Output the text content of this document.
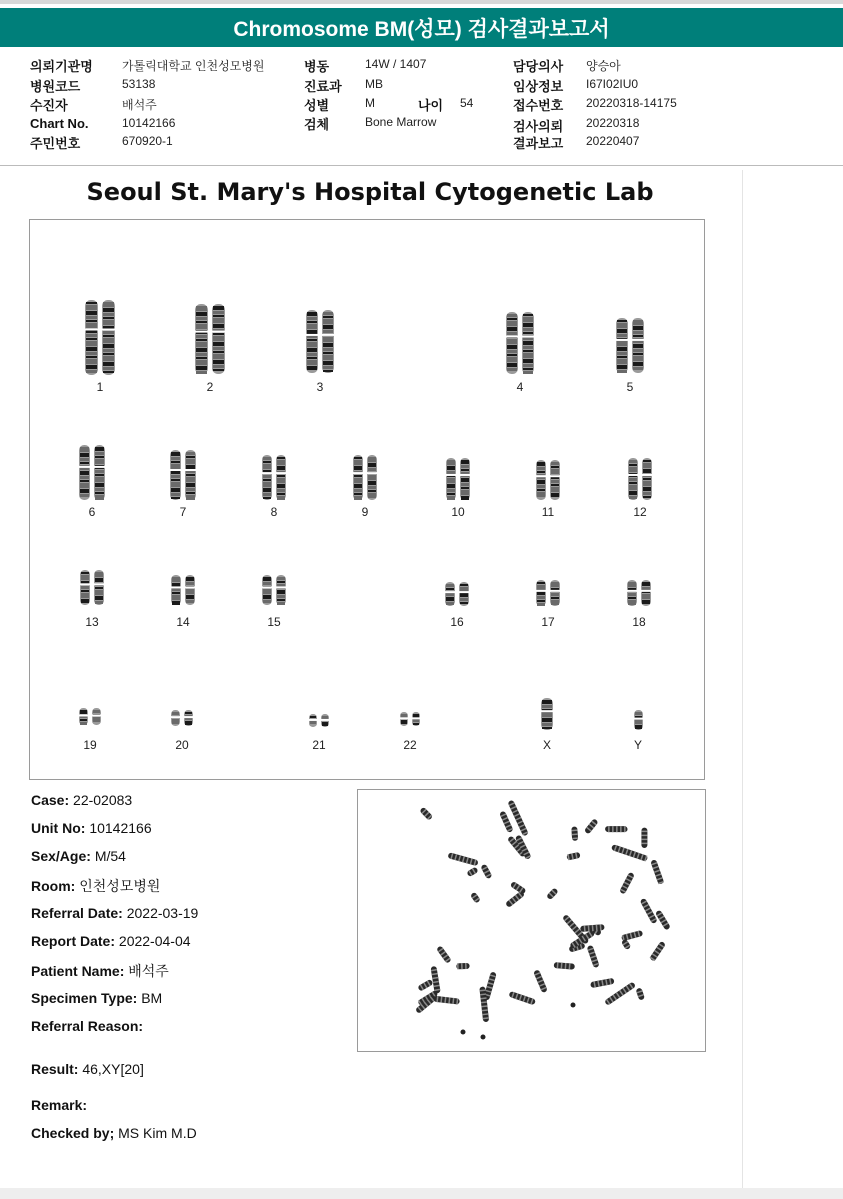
Chromosome BM(성모) 검사결과보고서
의뢰기관명 가톨릭대학교 인천성모병원
병원코드	53138
수진자	배석주
Chart No.	10142166
주민번호	670920-1
병동	14W / 1407
진료과 MB
성별	M	나이 54
검체	Bone Marrow
담당의사 양승아
임상정보 I67I02IU0
접수번호 20220318-14175
검사의뢰 20220318
결과보고 20220407
Seoul St. Mary's Hospital Cytogenetic Lab
1	2	3	4	5
6	7	8	9	10	11	12
13	14	15	16	17	18
19	20	21	22	X	Y
Case: 22-02083
Unit No: 10142166
Sex/Age: M/54
Room: 인천성모병원
Referral Date: 2022-03-19
Report Date: 2022-04-04
Patient Name: 배석주
Specimen Type: BM
Referral Reason:
Result: 46,XY[20]
Remark:
Checked by; MS Kim M.D
